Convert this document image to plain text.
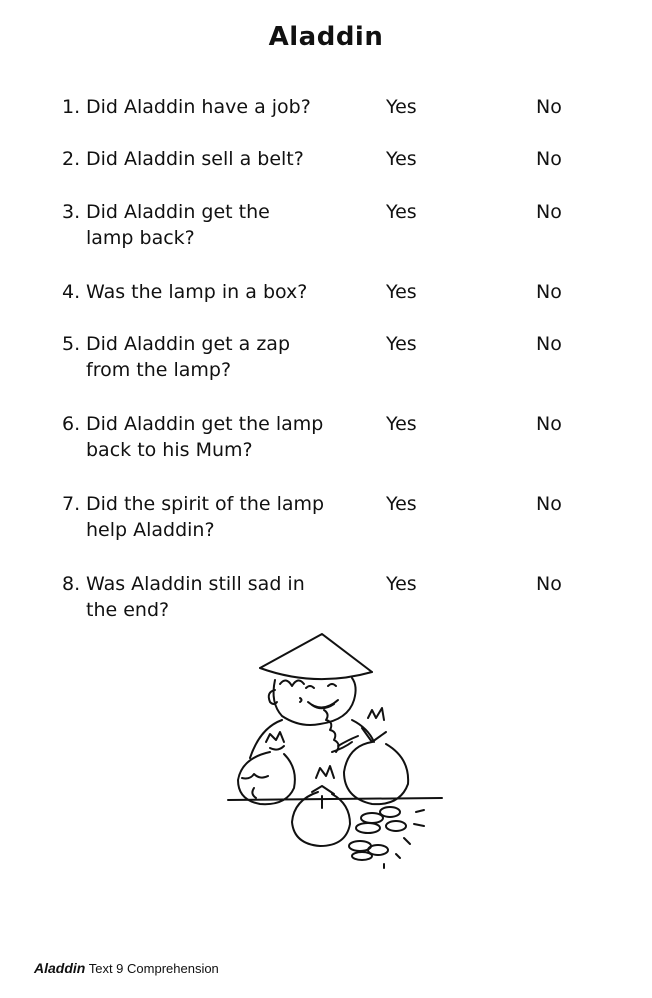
Aladdin
1. Did Aladdin have a job?	Yes	No
2. Did Aladdin sell a belt?	Yes	No
3. Did Aladdin get the
lamp back?
Yes	No
4. Was the lamp in a box?	Yes	No
5. Did Aladdin get a zap
from the lamp?
Yes	No
6. Did Aladdin get the lamp
back to his Mum?
Yes	No
7. Did the spirit of the lamp
help Aladdin?
Yes	No
8. Was Aladdin still sad in
the end?
Yes	No
Aladdin Text 9 Comprehension
